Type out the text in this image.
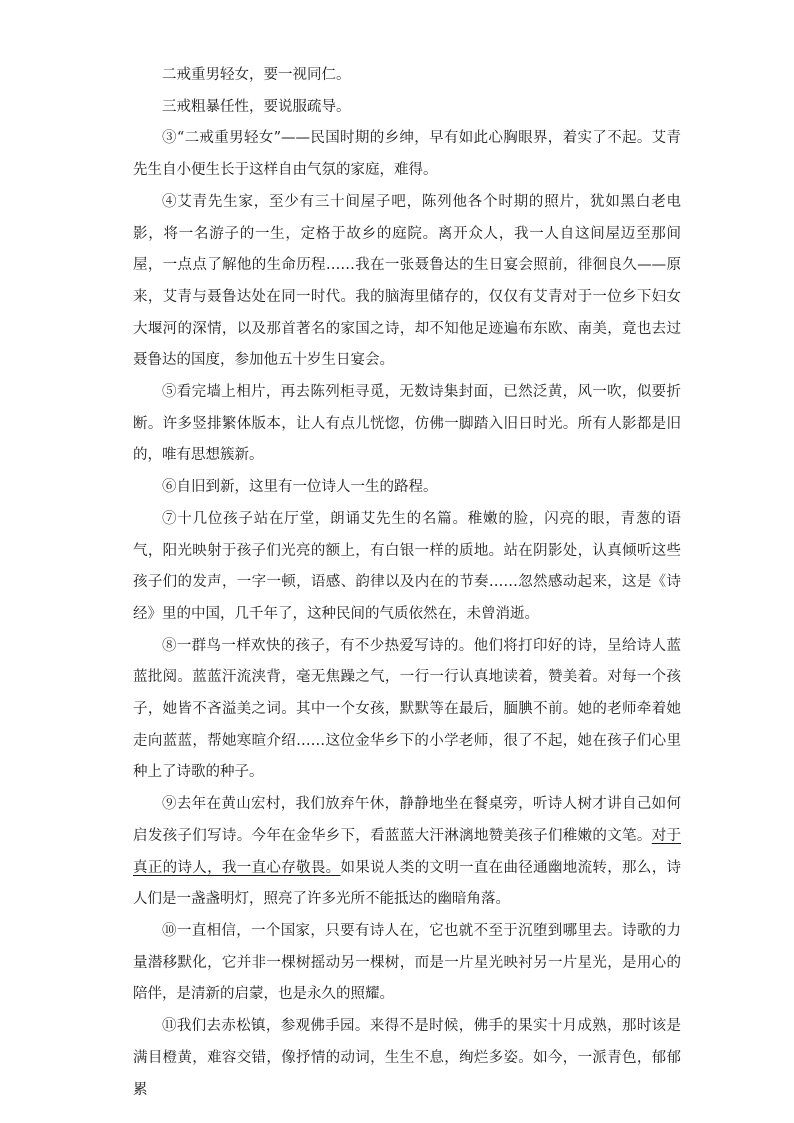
二戒重男轻女，要一视同仁。

三戒粗暴任性，要说服疏导。

③“二戒重男轻女”——民国时期的乡绅，早有如此心胸眼界，着实了不起。艾青先生自小便生长于这样自由气氛的家庭，难得。

④艾青先生家，至少有三十间屋子吧，陈列他各个时期的照片，犹如黑白老电影，将一名游子的一生，定格于故乡的庭院。离开众人，我一人自这间屋迈至那间屋，一点点了解他的生命历程……我在一张聂鲁达的生日宴会照前，徘徊良久——原来，艾青与聂鲁达处在同一时代。我的脑海里储存的，仅仅有艾青对于一位乡下妇女大堰河的深情，以及那首著名的家国之诗，却不知他足迹遍布东欧、南美，竟也去过聂鲁达的国度，参加他五十岁生日宴会。

⑤看完墙上相片，再去陈列柜寻觅，无数诗集封面，已然泛黄，风一吹，似要折断。许多竖排繁体版本，让人有点儿恍惚，仿佛一脚踏入旧日时光。所有人影都是旧的，唯有思想簇新。

⑥自旧到新，这里有一位诗人一生的路程。

⑦十几位孩子站在厅堂，朗诵艾先生的名篇。稚嫩的脸，闪亮的眼，青葱的语气，阳光映射于孩子们光亮的额上，有白银一样的质地。站在阴影处，认真倾听这些孩子们的发声，一字一顿，语感、韵律以及内在的节奏……忽然感动起来，这是《诗经》里的中国，几千年了，这种民间的气质依然在，未曾消逝。

⑧一群鸟一样欢快的孩子，有不少热爱写诗的。他们将打印好的诗，呈给诗人蓝蓝批阅。蓝蓝汗流浃背，毫无焦躁之气，一行一行认真地读着，赞美着。对每一个孩子，她皆不吝溢美之词。其中一个女孩，默默等在最后，腼腆不前。她的老师牵着她走向蓝蓝，帮她寒暄介绍……这位金华乡下的小学老师，很了不起，她在孩子们心里种上了诗歌的种子。

⑨去年在黄山宏村，我们放弃午休，静静地坐在餐桌旁，听诗人树才讲自己如何启发孩子们写诗。今年在金华乡下，看蓝蓝大汗淋漓地赞美孩子们稚嫩的文笔。对于真正的诗人，我一直心存敬畏。如果说人类的文明一直在曲径通幽地流转，那么，诗人们是一盏盏明灯，照亮了许多光所不能抵达的幽暗角落。

⑩一直相信，一个国家，只要有诗人在，它也就不至于沉堕到哪里去。诗歌的力量潜移默化，它并非一棵树摇动另一棵树，而是一片星光映衬另一片星光，是用心的陪伴，是清新的启蒙，也是永久的照耀。

⑪我们去赤松镇，参观佛手园。来得不是时候，佛手的果实十月成熟，那时该是满目橙黄，难容交错，像抒情的动词，生生不息，绚烂多姿。如今，一派青色，郁郁累
